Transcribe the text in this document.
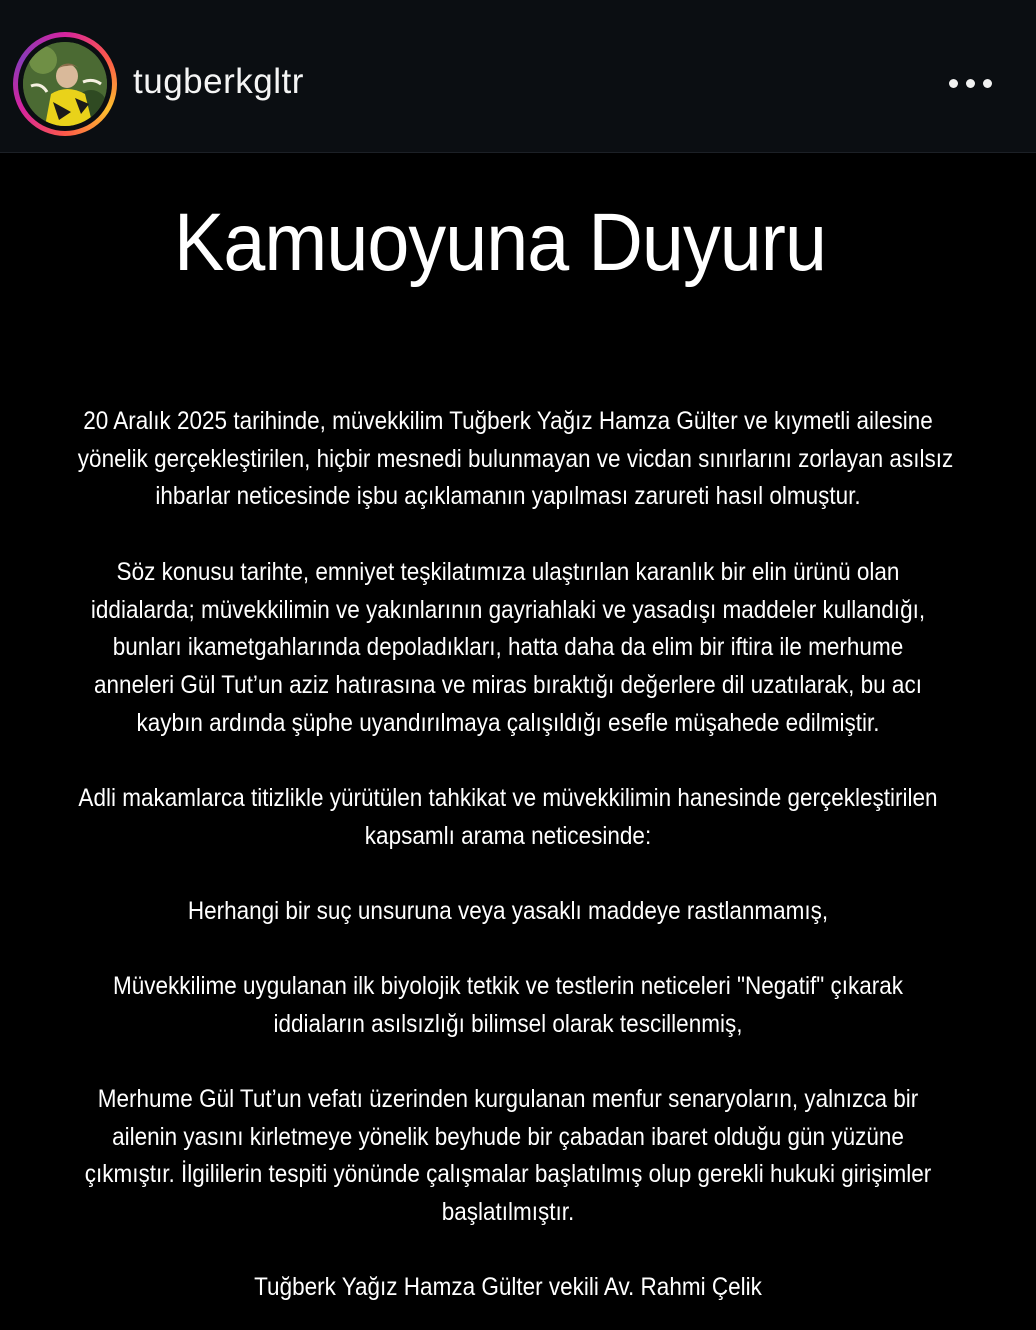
tugberkgltr
Kamuoyuna Duyuru
20 Aralık 2025 tarihinde, müvekkilim Tuğberk Yağız Hamza Gülter ve kıymetli ailesine
yönelik gerçekleştirilen, hiçbir mesnedi bulunmayan ve vicdan sınırlarını zorlayan asılsız
ihbarlar neticesinde işbu açıklamanın yapılması zarureti hasıl olmuştur.
Söz konusu tarihte, emniyet teşkilatımıza ulaştırılan karanlık bir elin ürünü olan
iddialarda; müvekkilimin ve yakınlarının gayriahlaki ve yasadışı maddeler kullandığı,
bunları ikametgahlarında depoladıkları, hatta daha da elim bir iftira ile merhume
anneleri Gül Tut’un aziz hatırasına ve miras bıraktığı değerlere dil uzatılarak, bu acı
kaybın ardında şüphe uyandırılmaya çalışıldığı esefle müşahede edilmiştir.
Adli makamlarca titizlikle yürütülen tahkikat ve müvekkilimin hanesinde gerçekleştirilen
kapsamlı arama neticesinde:
Herhangi bir suç unsuruna veya yasaklı maddeye rastlanmamış,
Müvekkilime uygulanan ilk biyolojik tetkik ve testlerin neticeleri "Negatif" çıkarak
iddiaların asılsızlığı bilimsel olarak tescillenmiş,
Merhume Gül Tut’un vefatı üzerinden kurgulanan menfur senaryoların, yalnızca bir
ailenin yasını kirletmeye yönelik beyhude bir çabadan ibaret olduğu gün yüzüne
çıkmıştır. İlgililerin tespiti yönünde çalışmalar başlatılmış olup gerekli hukuki girişimler
başlatılmıştır.
Tuğberk Yağız Hamza Gülter vekili Av. Rahmi Çelik
